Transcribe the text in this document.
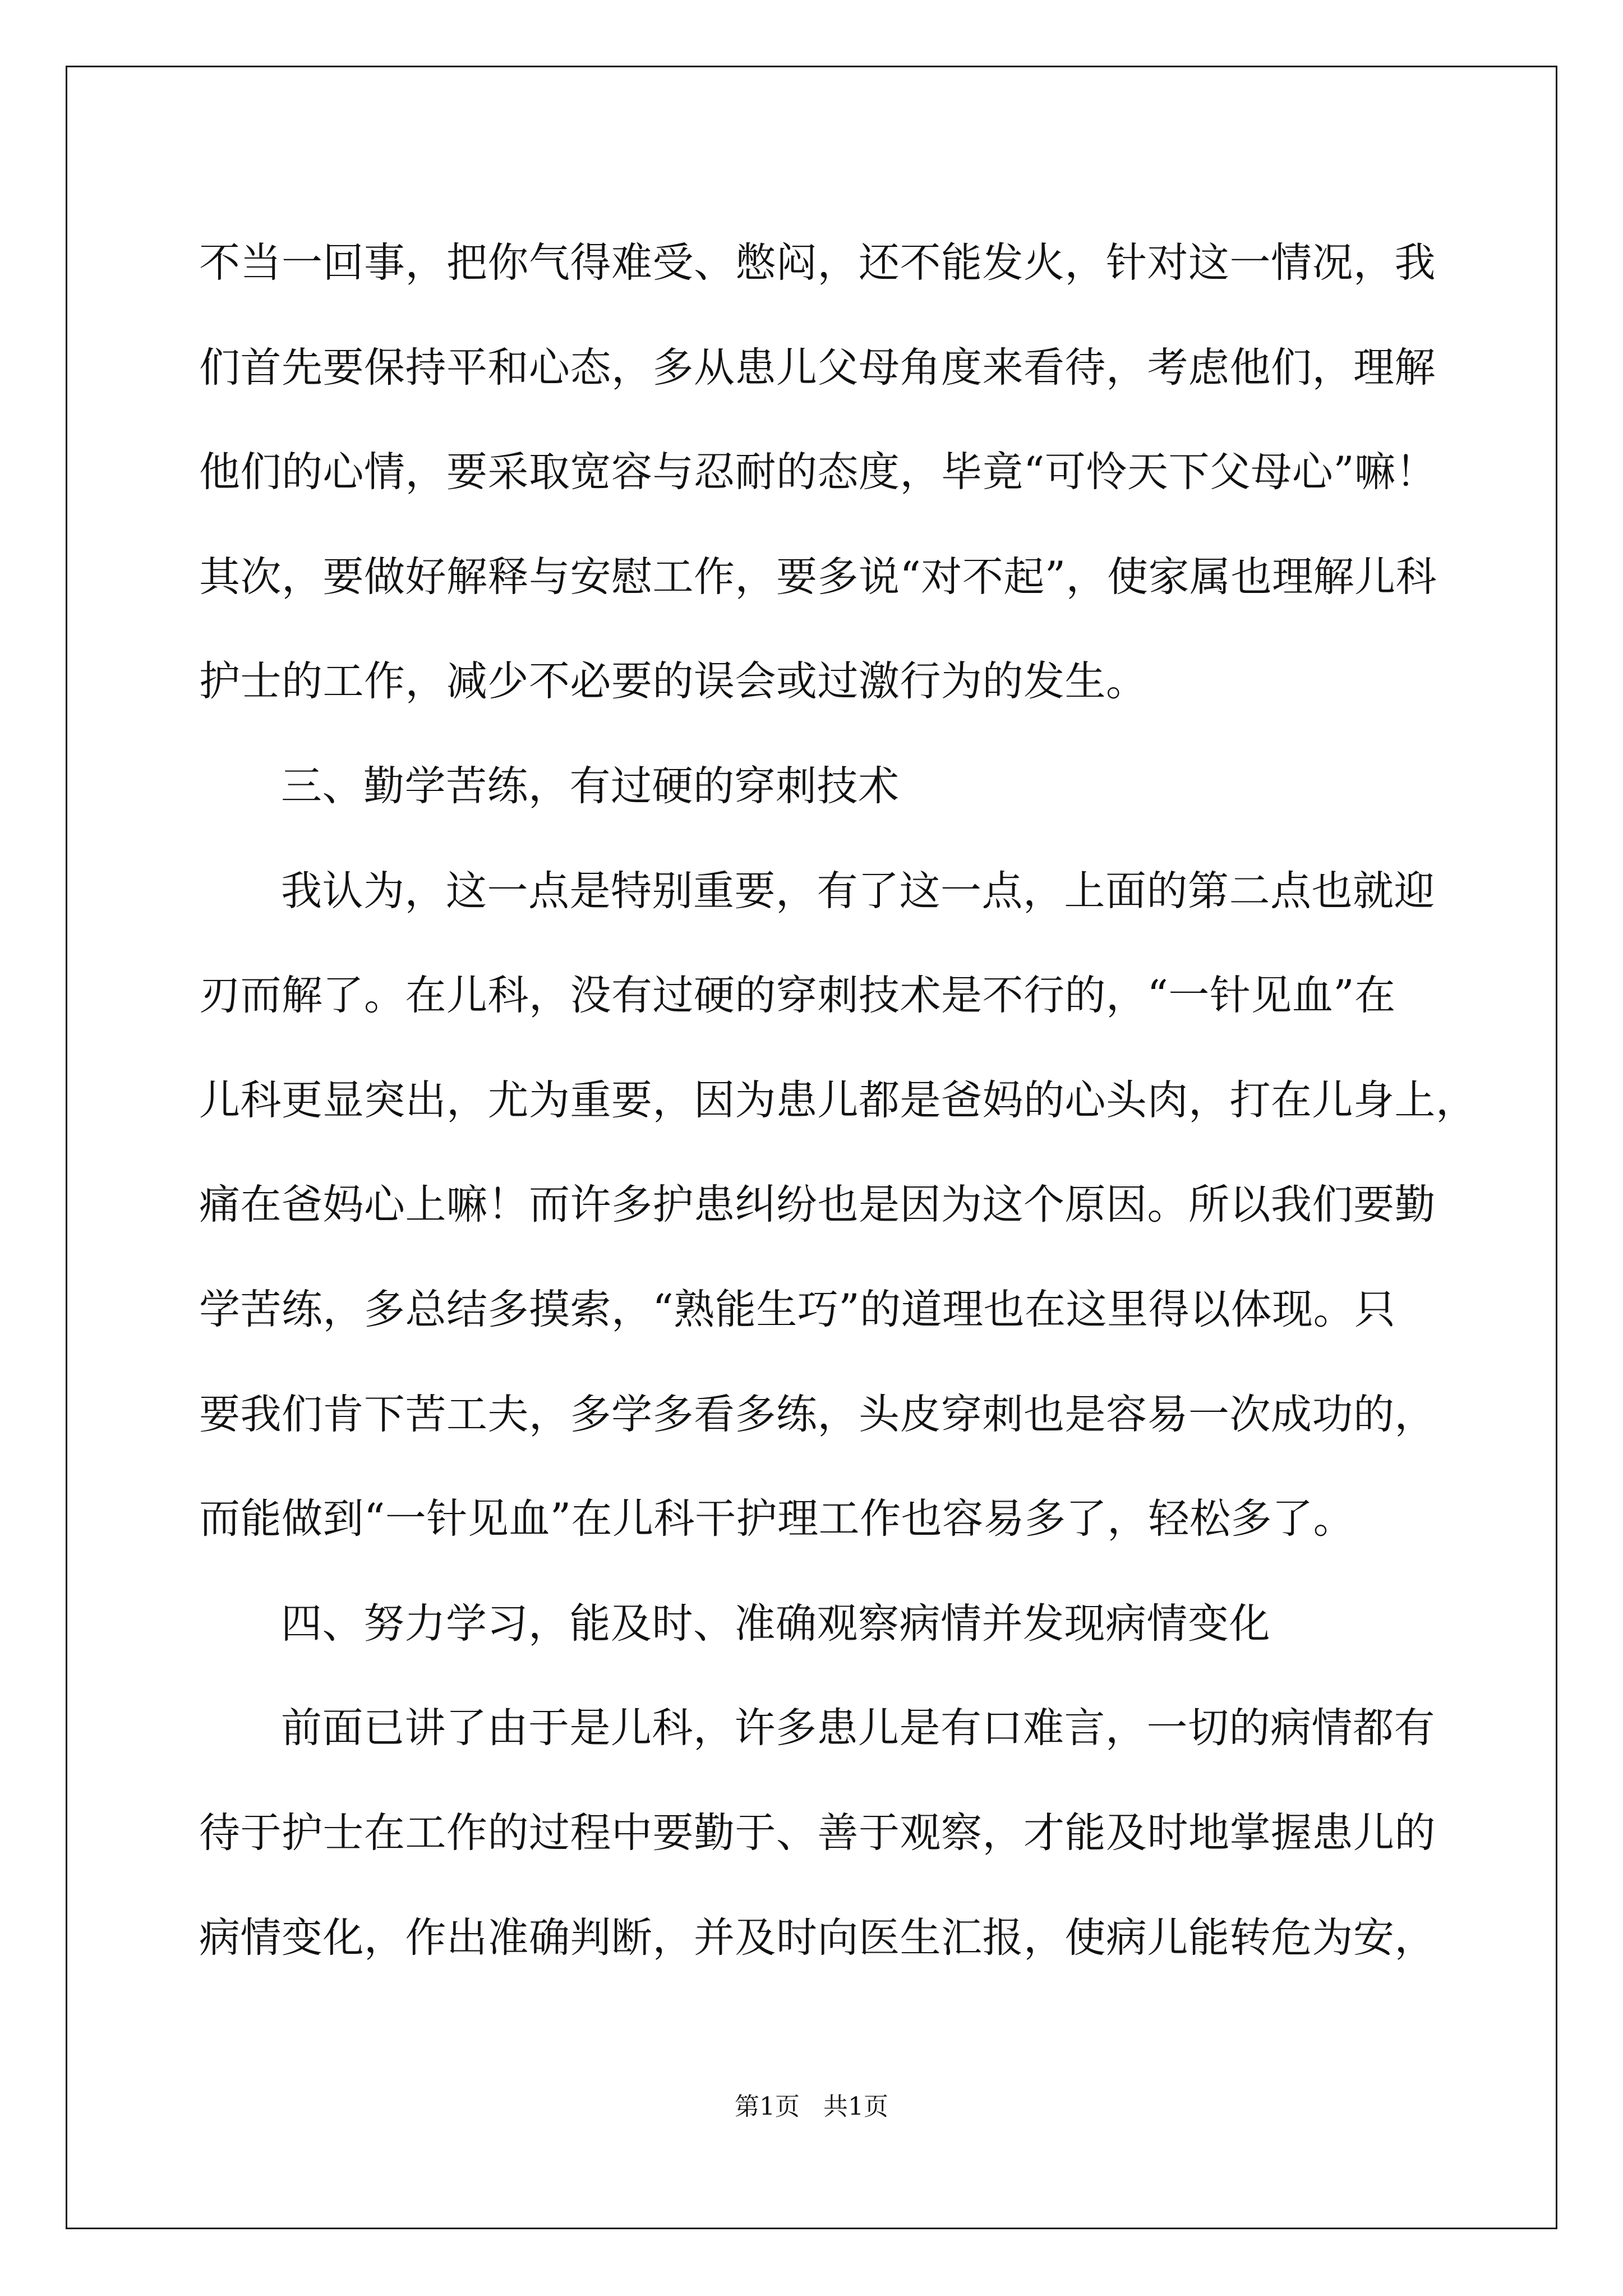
不当一回事，把你气得难受、憋闷，还不能发火，针对这一情况，我
们首先要保持平和心态，多从患儿父母角度来看待，考虑他们，理解
他们的心情，要采取宽容与忍耐的态度，毕竟“可怜天下父母心”嘛！
其次，要做好解释与安慰工作，要多说“对不起”，使家属也理解儿科
护士的工作，减少不必要的误会或过激行为的发生。
三、勤学苦练，有过硬的穿刺技术
我认为，这一点是特别重要，有了这一点，上面的第二点也就迎
刃而解了。在儿科，没有过硬的穿刺技术是不行的，“一针见血”在
儿科更显突出，尤为重要，因为患儿都是爸妈的心头肉，打在儿身上，
痛在爸妈心上嘛！而许多护患纠纷也是因为这个原因。所以我们要勤
学苦练，多总结多摸索，“熟能生巧”的道理也在这里得以体现。只
要我们肯下苦工夫，多学多看多练，头皮穿刺也是容易一次成功的，
而能做到“一针见血”在儿科干护理工作也容易多了，轻松多了。
四、努力学习，能及时、准确观察病情并发现病情变化
前面已讲了由于是儿科，许多患儿是有口难言，一切的病情都有
待于护士在工作的过程中要勤于、善于观察，才能及时地掌握患儿的
病情变化，作出准确判断，并及时向医生汇报，使病儿能转危为安，
第1页   共1页
